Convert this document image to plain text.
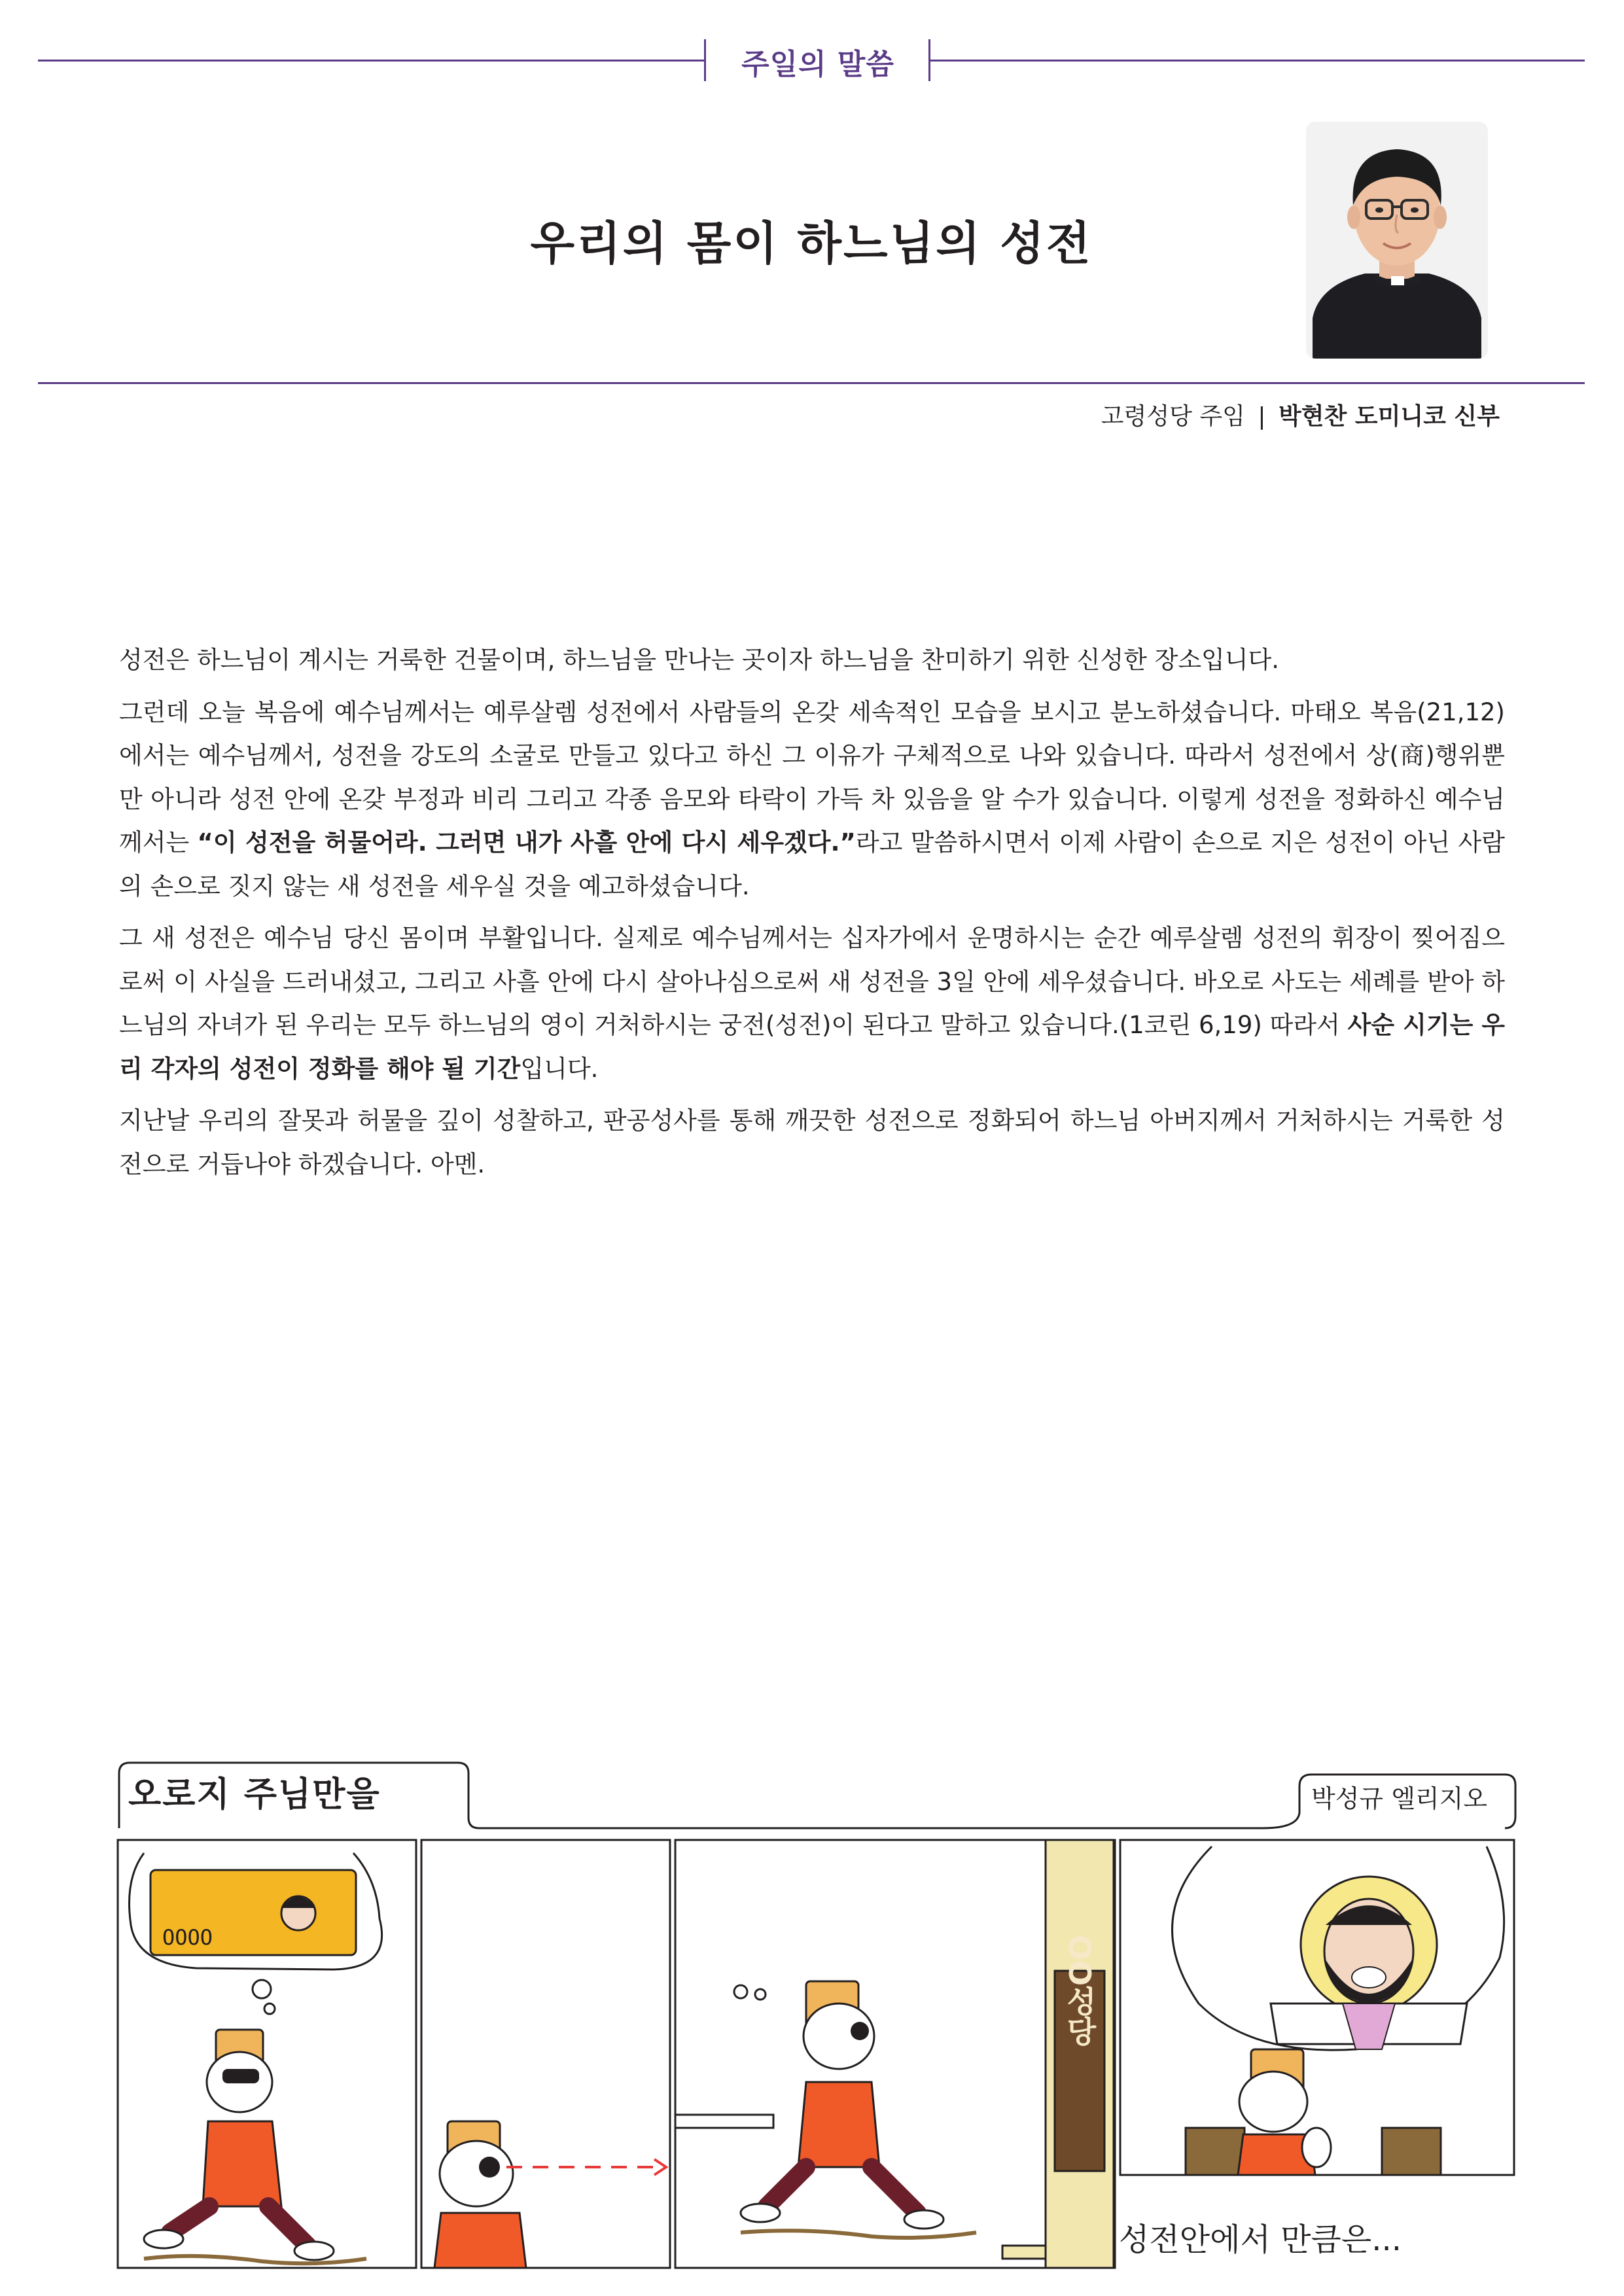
주일의 말씀
우리의 몸이 하느님의 성전
고령성당 주임 | 박현찬 도미니코 신부

성전은 하느님이 계시는 거룩한 건물이며, 하느님을 만나는 곳이자 하느님을 찬미하기 위한 신성한 장소입니다.

그런데 오늘 복음에 예수님께서는 예루살렘 성전에서 사람들의 온갖 세속적인 모습을 보시고 분노하셨습니다. 마태오 복음(21,12)에서는 예수님께서, 성전을 강도의 소굴로 만들고 있다고 하신 그 이유가 구체적으로 나와 있습니다. 따라서 성전에서 상(商)행위뿐만 아니라 성전 안에 온갖 부정과 비리 그리고 각종 음모와 타락이 가득 차 있음을 알 수가 있습니다. 이렇게 성전을 정화하신 예수님께서는 “이 성전을 허물어라. 그러면 내가 사흘 안에 다시 세우겠다.”라고 말씀하시면서 이제 사람이 손으로 지은 성전이 아닌 사람의 손으로 짓지 않는 새 성전을 세우실 것을 예고하셨습니다.

그 새 성전은 예수님 당신 몸이며 부활입니다. 실제로 예수님께서는 십자가에서 운명하시는 순간 예루살렘 성전의 휘장이 찢어짐으로써 이 사실을 드러내셨고, 그리고 사흘 안에 다시 살아나심으로써 새 성전을 3일 안에 세우셨습니다. 바오로 사도는 세례를 받아 하느님의 자녀가 된 우리는 모두 하느님의 영이 거처하시는 궁전(성전)이 된다고 말하고 있습니다.(1코린 6,19) 따라서 사순 시기는 우리 각자의 성전이 정화를 해야 될 기간입니다.

지난날 우리의 잘못과 허물을 깊이 성찰하고, 판공성사를 통해 깨끗한 성전으로 정화되어 하느님 아버지께서 거처하시는 거룩한 성전으로 거듭나야 하겠습니다. 아멘.

오로지 주님만을	박성규 엘리지오
OOOO	OO성당
성전안에서 만큼은...
